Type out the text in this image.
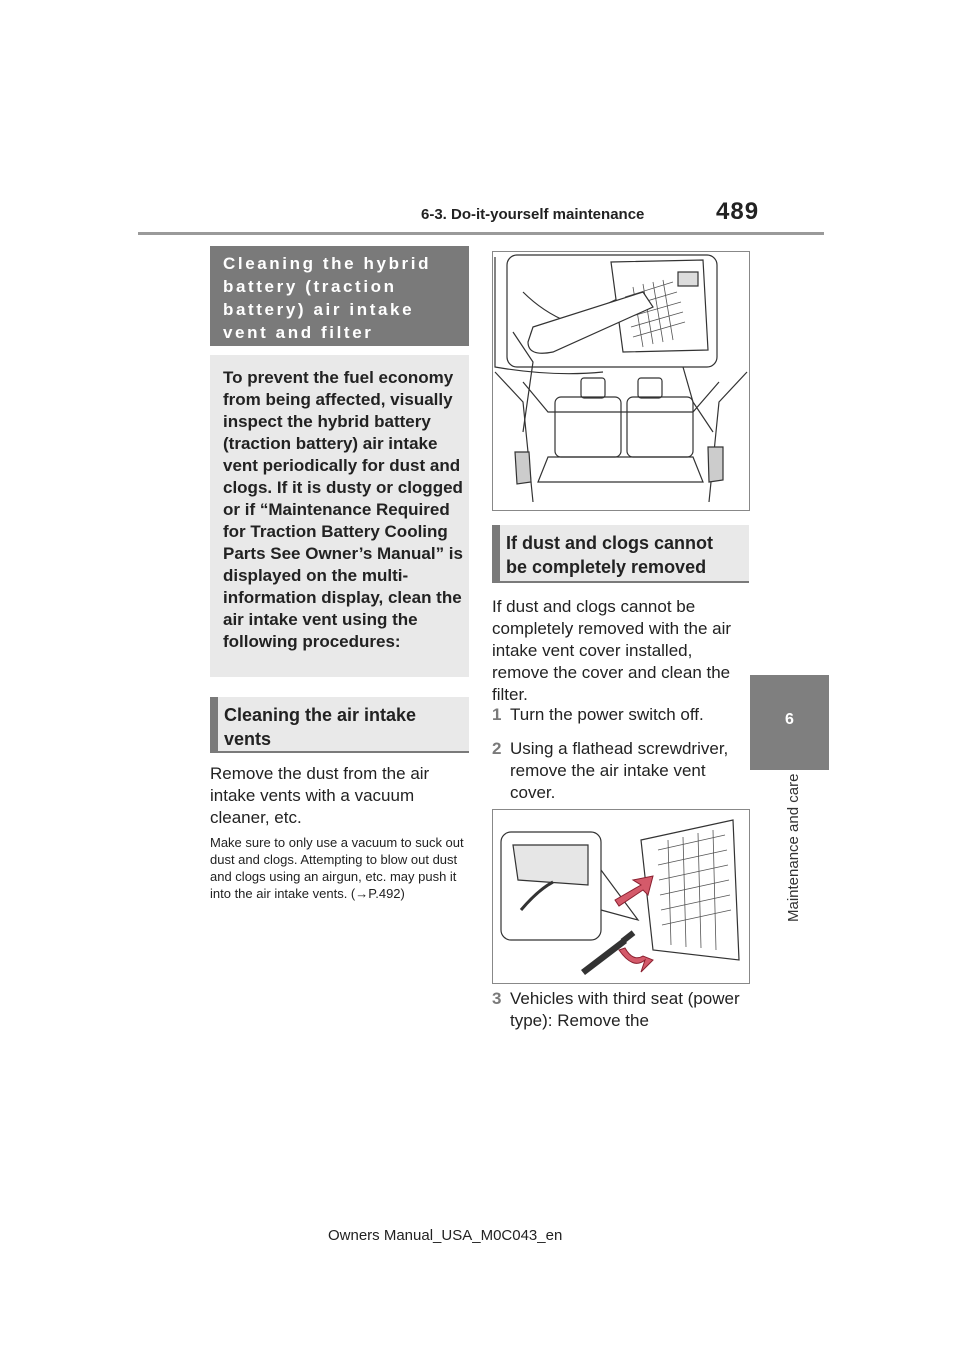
6-3. Do-it-yourself maintenance	489
6
Maintenance and care
Cleaning the hybrid battery (traction battery) air intake vent and filter
To prevent the fuel economy from being affected, visually inspect the hybrid battery (traction battery) air intake vent periodically for dust and clogs. If it is dusty or clogged or if “Maintenance Required for Traction Battery Cooling Parts See Owner’s Manual” is displayed on the multi-information display, clean the air intake vent using the following procedures:
Cleaning the air intake vents
Remove the dust from the air intake vents with a vacuum cleaner, etc.
Make sure to only use a vacuum to suck out dust and clogs. Attempting to blow out dust and clogs using an airgun, etc. may push it into the air intake vents. (→P.492)
If dust and clogs cannot be completely removed
If dust and clogs cannot be completely removed with the air intake vent cover installed, remove the cover and clean the filter.
1 Turn the power switch off.
2 Using a flathead screwdriver, remove the air intake vent cover.
3 Vehicles with third seat (power type): Remove the
Owners Manual_USA_M0C043_en
